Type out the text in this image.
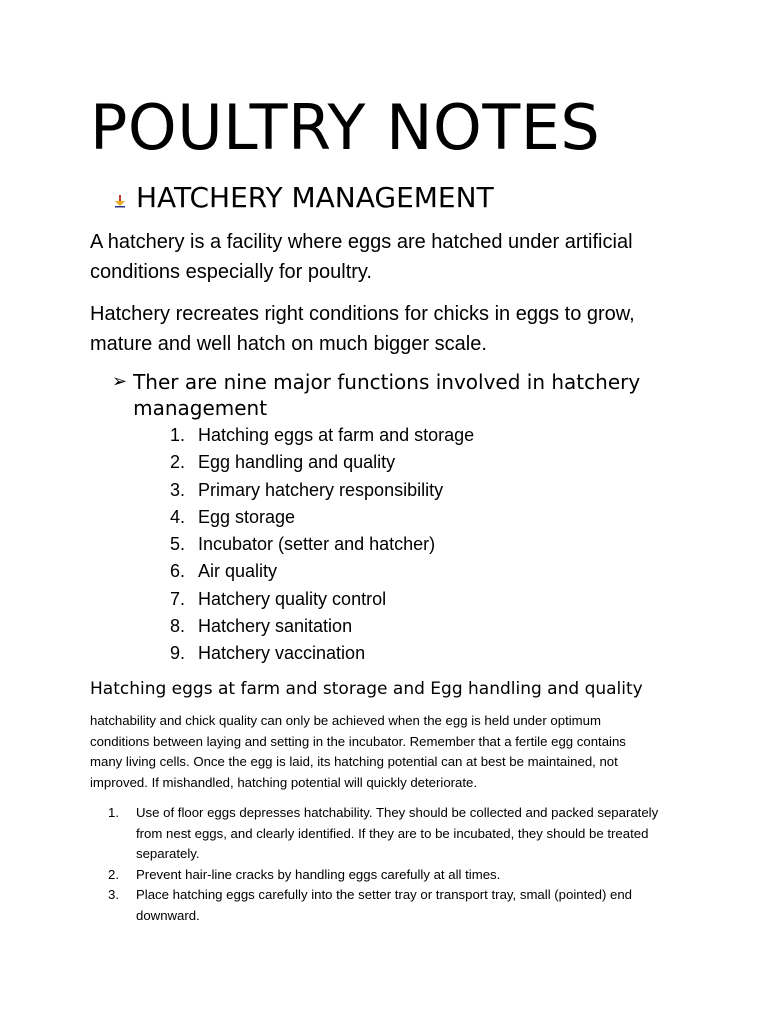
POULTRY NOTES
HATCHERY MANAGEMENT

A hatchery is a facility where eggs are hatched under artificial conditions especially for poultry.

Hatchery recreates right conditions for chicks in eggs to grow, mature and well hatch on much bigger scale.

➢ Ther are nine major functions involved in hatchery management
1. Hatching eggs at farm and storage
2. Egg handling and quality
3. Primary hatchery responsibility
4. Egg storage
5. Incubator (setter and hatcher)
6. Air quality
7. Hatchery quality control
8. Hatchery sanitation
9. Hatchery vaccination
Hatching eggs at farm and storage and Egg handling and quality

hatchability and chick quality can only be achieved when the egg is held under optimum conditions between laying and setting in the incubator. Remember that a fertile egg contains many living cells. Once the egg is laid, its hatching potential can at best be maintained, not improved. If mishandled, hatching potential will quickly deteriorate.

1.	Use of floor eggs depresses hatchability. They should be collected and packed separately from nest eggs, and clearly identified. If they are to be incubated, they should be treated separately.
2.	Prevent hair-line cracks by handling eggs carefully at all times.
3.	Place hatching eggs carefully into the setter tray or transport tray, small (pointed) end downward.
